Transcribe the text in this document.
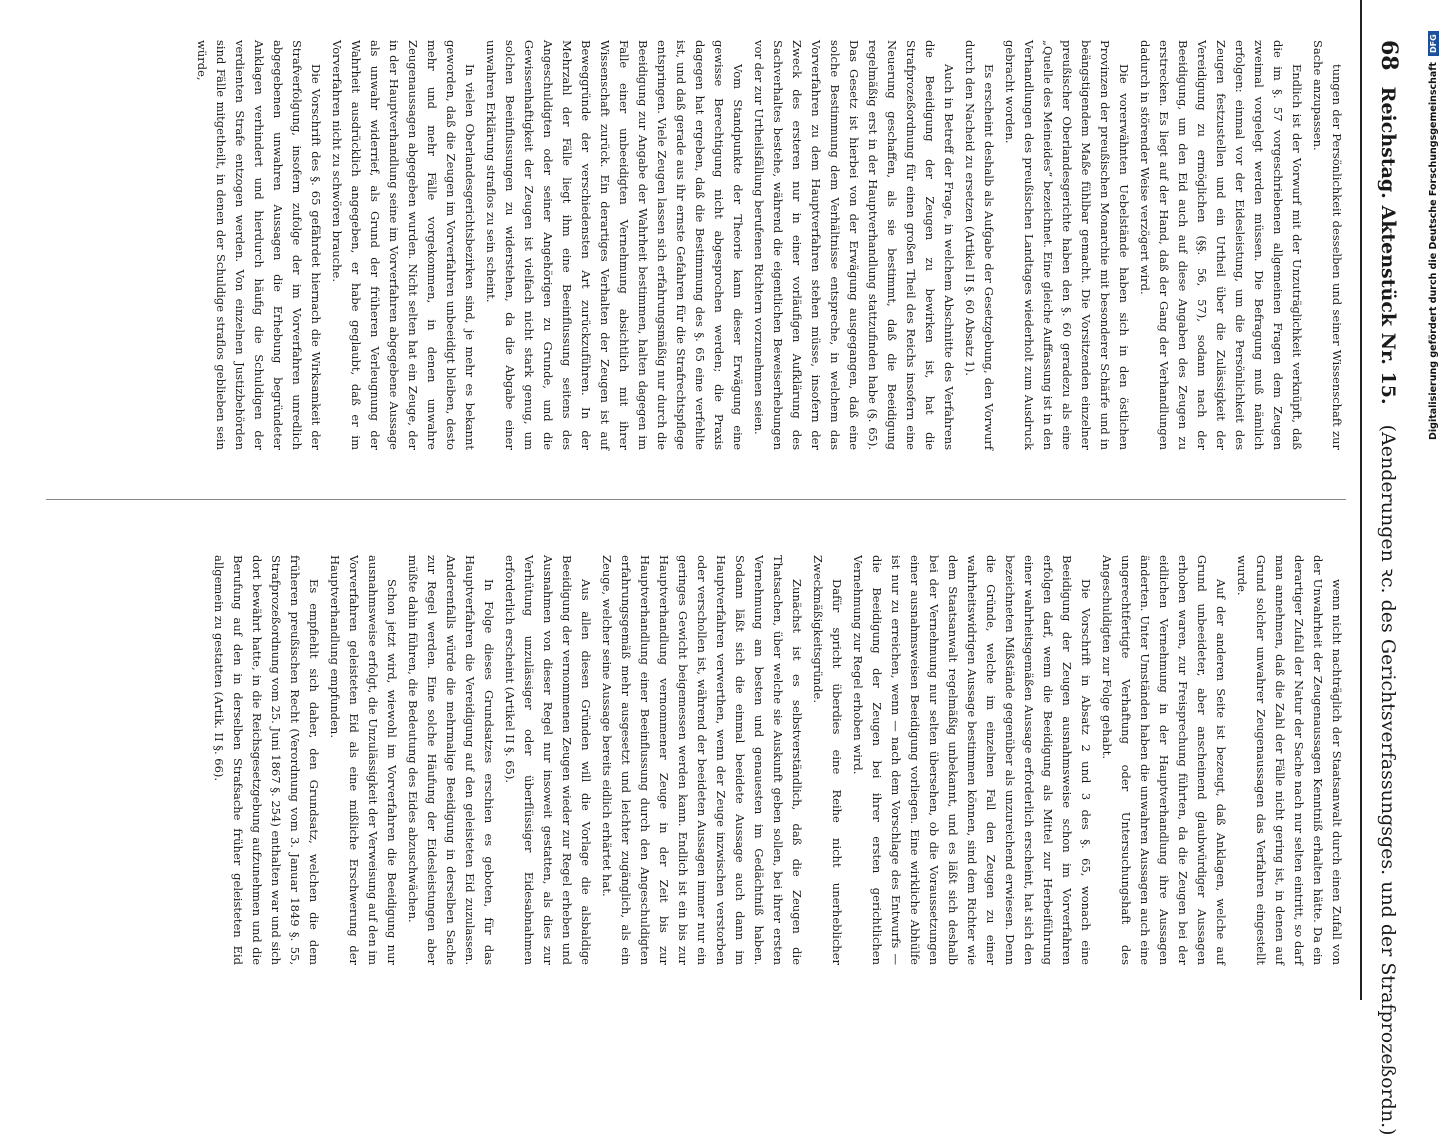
68 Reichstag. Aktenstück Nr. 15. (Aenderungen ꝛc. des Gerichtsverfassungsges. und der Strafprozeßordn.)

tungen der Persönlichkeit desselben und seiner Wissenschaft zur Sache anzupassen.

Endlich ist der Vorwurf mit der Unzuträglichkeit verknüpft, daß die im §. 57 vorgeschriebenen allgemeinen Fragen dem Zeugen zweimal vorgelegt werden müssen. Die Befragung muß nämlich erfolgen: einmal vor der Eidesleistung, um die Persönlichkeit des Zeugen festzustellen und ein Urtheil über die Zulässigkeit der Vereidigung zu ermöglichen (§§. 56, 57), sodann nach der Beeidigung, um den Eid auch auf diese Angaben des Zeugen zu erstrecken. Es liegt auf der Hand, daß der Gang der Verhandlungen dadurch in störender Weise verzögert wird.

Die vorerwähnten Uebelstände haben sich in den östlichen Provinzen der preußischen Monarchie mit besonderer Schärfe und in beängstigendem Maße fühlbar gemacht. Die Vorsitzenden einzelner preußischer Oberlandesgerichte haben den §. 60 geradezu als eine „Quelle des Meineides“ bezeichnet. Eine gleiche Auffassung ist in den Verhandlungen des preußischen Landtages wiederholt zum Ausdruck gebracht worden.

Es erscheint deshalb als Aufgabe der Gesetzgebung, den Vorwurf durch den Nacheid zu ersetzen (Artikel II §. 60 Absatz 1).

Auch in Betreff der Frage, in welchem Abschnitte des Verfahrens die Beeidigung der Zeugen zu bewirken ist, hat die Strafprozeßordnung für einen großen Theil des Reichs insofern eine Neuerung geschaffen, als sie bestimmt, daß die Beeidigung regelmäßig erst in der Hauptverhandlung stattzufinden habe (§. 65). Das Gesetz ist hierbei von der Erwägung ausgegangen, daß eine solche Bestimmung dem Verhältnisse entspreche, in welchem das Vorverfahren zu dem Hauptverfahren stehen müsse, insofern der Zweck des ersteren nur in einer vorläufigen Aufklärung des Sachverhaltes bestehe, während die eigentlichen Beweiserhebungen vor der zur Urtheilsfällung berufenen Richtern vorzunehmen seien.

Vom Standpunkte der Theorie kann dieser Erwägung eine gewisse Berechtigung nicht abgesprochen werden; die Praxis dagegen hat ergeben, daß die Bestimmung des §. 65 eine verfehlte ist, und daß gerade aus ihr ernste Gefahren für die Strafrechtspflege entspringen. Viele Zeugen lassen sich erfahrungsmäßig nur durch die Beeidigung zur Angabe der Wahrheit bestimmen, halten dagegen im Falle einer unbeeidigten Vernehmung absichtlich mit ihrer Wissenschaft zurück. Ein derartiges Verhalten der Zeugen ist auf Beweggründe der verschiedensten Art zurückzuführen. In der Mehrzahl der Fälle liegt ihm eine Beeinflussung seitens des Angeschuldigten oder seiner Angehörigen zu Grunde, und die Gewissenhaftigkeit der Zeugen ist vielfach nicht stark genug, um solchen Beeinflussungen zu widerstehen, da die Abgabe einer unwahren Erklärung straflos zu sein scheint.

In vielen Oberlandesgerichtsbezirken sind, je mehr es bekannt geworden, daß die Zeugen im Vorverfahren unbeeidigt bleiben, desto mehr und mehr Fälle vorgekommen, in denen unwahre Zeugenaussagen abgegeben wurden. Nicht selten hat ein Zeuge, der in der Hauptverhandlung seine im Vorverfahren abgegebene Aussage als unwahr widerrief, als Grund der früheren Verleugnung der Wahrheit ausdrücklich angegeben, er habe geglaubt, daß er im Vorverfahren nicht zu schwören brauche.

Die Vorschrift des §. 65 gefährdet hiernach die Wirksamkeit der Strafverfolgung, insofern zufolge der im Vorverfahren unredlich abgegebenen unwahren Aussagen die Erhebung begründeter Anklagen verhindert und hierdurch häufig die Schuldigen der verdienten Strafe entzogen werden. Von einzelnen Justizbehörden sind Fälle mitgetheilt, in denen der Schuldige straflos geblieben sein würde,

wenn nicht nachträglich der Staatsanwalt durch einen Zufall von der Unwahrheit der Zeugenaussagen Kenntniß erhalten hätte. Da ein derartiger Zufall der Natur der Sache nach nur selten eintritt, so darf man annehmen, daß die Zahl der Fälle nicht gering ist, in denen auf Grund solcher unwahrer Zeugenaussagen das Verfahren eingestellt wurde.

Auf der anderen Seite ist bezeugt, daß Anklagen, welche auf Grund unbeeideter, aber anscheinend glaubwürdiger Aussagen erhoben waren, zur Freisprechung führten, da die Zeugen bei der eidlichen Vernehmung in der Hauptverhandlung ihre Aussagen änderten. Unter Umständen haben die unwahren Aussagen auch eine ungerechtfertigte Verhaftung oder Untersuchungshaft des Angeschuldigten zur Folge gehabt.

Die Vorschrift in Absatz 2 und 3 des §. 65, wonach eine Beeidigung der Zeugen ausnahmsweise schon im Vorverfahren erfolgen darf, wenn die Beeidigung als Mittel zur Herbeiführung einer wahrheitsgemäßen Aussage erforderlich erscheint, hat sich den bezeichneten Mißstände gegenüber als unzureichend erwiesen. Denn die Gründe, welche im einzelnen Fall den Zeugen zu einer wahrheitswidrigen Aussage bestimmen können, sind dem Richter wie dem Staatsanwalt regelmäßig unbekannt, und es läßt sich deshalb bei der Vernehmung nur selten übersehen, ob die Voraussetzungen einer ausnahmsweisen Beeidigung vorliegen. Eine wirkliche Abhülfe ist nur zu erreichen, wenn — nach dem Vorschlage des Entwurfs — die Beeidigung der Zeugen bei ihrer ersten gerichtlichen Vernehmung zur Regel erhoben wird.

Dafür spricht überdies eine Reihe nicht unerheblicher Zweckmäßigkeitsgründe.

Zunächst ist es selbstverständlich, daß die Zeugen die Thatsachen, über welche sie Auskunft geben sollen, bei ihrer ersten Vernehmung am besten und genauesten im Gedächtniß haben. Sodann läßt sich die einmal beeidete Aussage auch dann im Hauptverfahren verwerthen, wenn der Zeuge inzwischen verstorben oder verschollen ist, während der beeideten Aussagen immer nur ein geringes Gewicht beigemessen werden kann. Endlich ist ein bis zur Hauptverhandlung vernommener Zeuge in der Zeit bis zur Hauptverhandlung einer Beeinflussung durch den Angeschuldigten erfahrungsgemäß mehr ausgesetzt und leichter zugänglich, als ein Zeuge, welcher seine Aussage bereits eidlich erhärtet hat.

Aus allen diesen Gründen will die Vorlage die alsbaldige Beeidigung der vernommenen Zeugen wieder zur Regel erheben und Ausnahmen von dieser Regel nur insoweit gestatten, als dies zur Verhütung unzulässiger oder überflüssiger Eidesabnahmen erforderlich erscheint (Artikel II §. 65).

In Folge dieses Grundsatzes erschien es geboten, für das Hauptverfahren die Vereidigung auf den geleisteten Eid zuzulassen. Anderenfalls würde die mehrmalige Beeidigung in derselben Sache zur Regel werden. Eine solche Häufung der Eidesleistungen aber müßte dahin führen, die Bedeutung des Eides abzuschwächen.

Schon jetzt wird, wiewohl im Vorverfahren die Beeidigung nur ausnahmsweise erfolgt, die Unzulässigkeit der Verweisung auf den im Vorverfahren geleisteten Eid als eine mißliche Erschwerung der Hauptverhandlung empfunden.

Es empfiehlt sich daher, den Grundsatz, welchen die dem früheren preußischen Recht (Verordnung vom 3. Januar 1849 §. 55, Strafprozeßordnung vom 25. Juni 1867 §. 254) enthalten war und sich dort bewährt hatte, in die Reichsgesetzgebung aufzunehmen und die Berufung auf den in derselben Strafsache früher geleisteten Eid allgemein zu gestatten (Artik. II §. 66).

Digitalisierung gefördert durch die Deutsche ForschungsgemeinschaftDFG
